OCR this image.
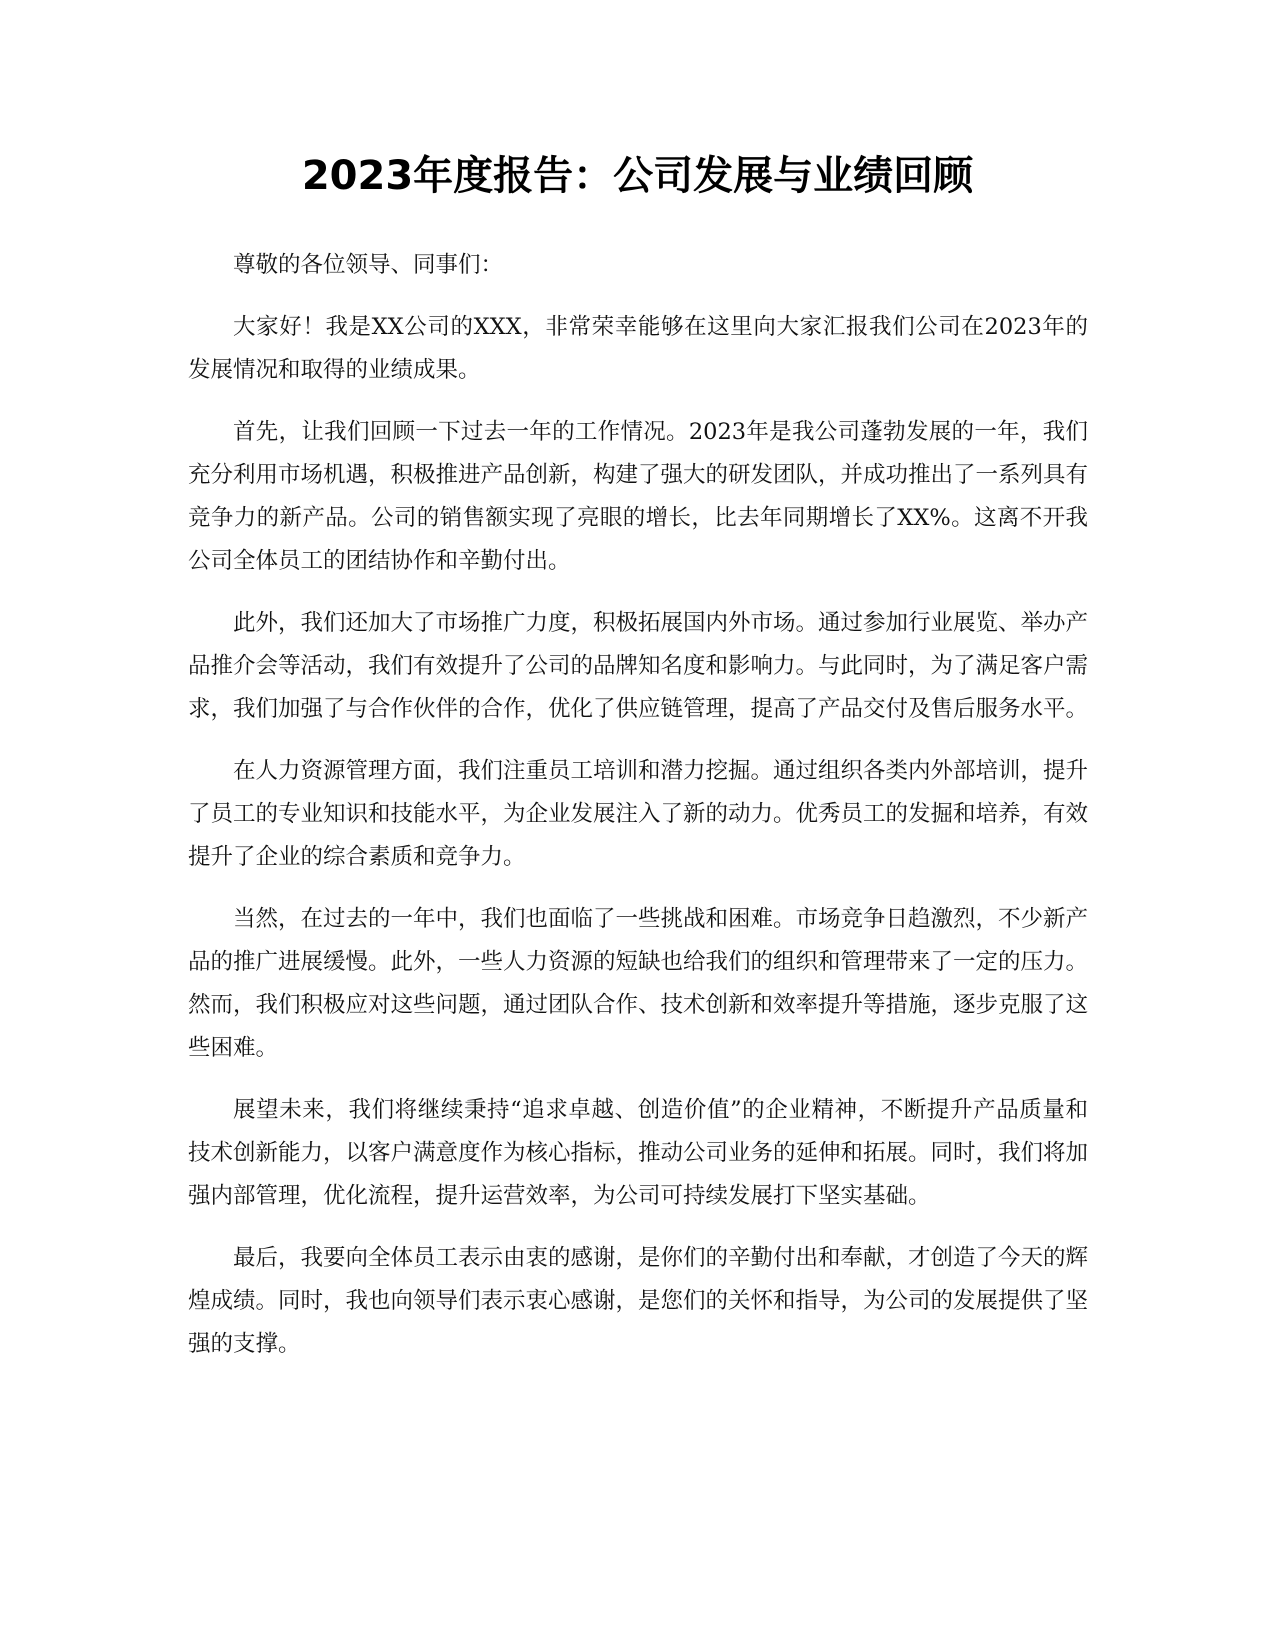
2023年度报告：公司发展与业绩回顾

尊敬的各位领导、同事们：

大家好！我是XX公司的XXX，非常荣幸能够在这里向大家汇报我们公司在2023年的发展情况和取得的业绩成果。

首先，让我们回顾一下过去一年的工作情况。2023年是我公司蓬勃发展的一年，我们充分利用市场机遇，积极推进产品创新，构建了强大的研发团队，并成功推出了一系列具有竞争力的新产品。公司的销售额实现了亮眼的增长，比去年同期增长了XX%。这离不开我公司全体员工的团结协作和辛勤付出。

此外，我们还加大了市场推广力度，积极拓展国内外市场。通过参加行业展览、举办产品推介会等活动，我们有效提升了公司的品牌知名度和影响力。与此同时，为了满足客户需求，我们加强了与合作伙伴的合作，优化了供应链管理，提高了产品交付及售后服务水平。

在人力资源管理方面，我们注重员工培训和潜力挖掘。通过组织各类内外部培训，提升了员工的专业知识和技能水平，为企业发展注入了新的动力。优秀员工的发掘和培养，有效提升了企业的综合素质和竞争力。

当然，在过去的一年中，我们也面临了一些挑战和困难。市场竞争日趋激烈，不少新产品的推广进展缓慢。此外，一些人力资源的短缺也给我们的组织和管理带来了一定的压力。然而，我们积极应对这些问题，通过团队合作、技术创新和效率提升等措施，逐步克服了这些困难。

展望未来，我们将继续秉持“追求卓越、创造价值”的企业精神，不断提升产品质量和技术创新能力，以客户满意度作为核心指标，推动公司业务的延伸和拓展。同时，我们将加强内部管理，优化流程，提升运营效率，为公司可持续发展打下坚实基础。

最后，我要向全体员工表示由衷的感谢，是你们的辛勤付出和奉献，才创造了今天的辉煌成绩。同时，我也向领导们表示衷心感谢，是您们的关怀和指导，为公司的发展提供了坚强的支撑。
